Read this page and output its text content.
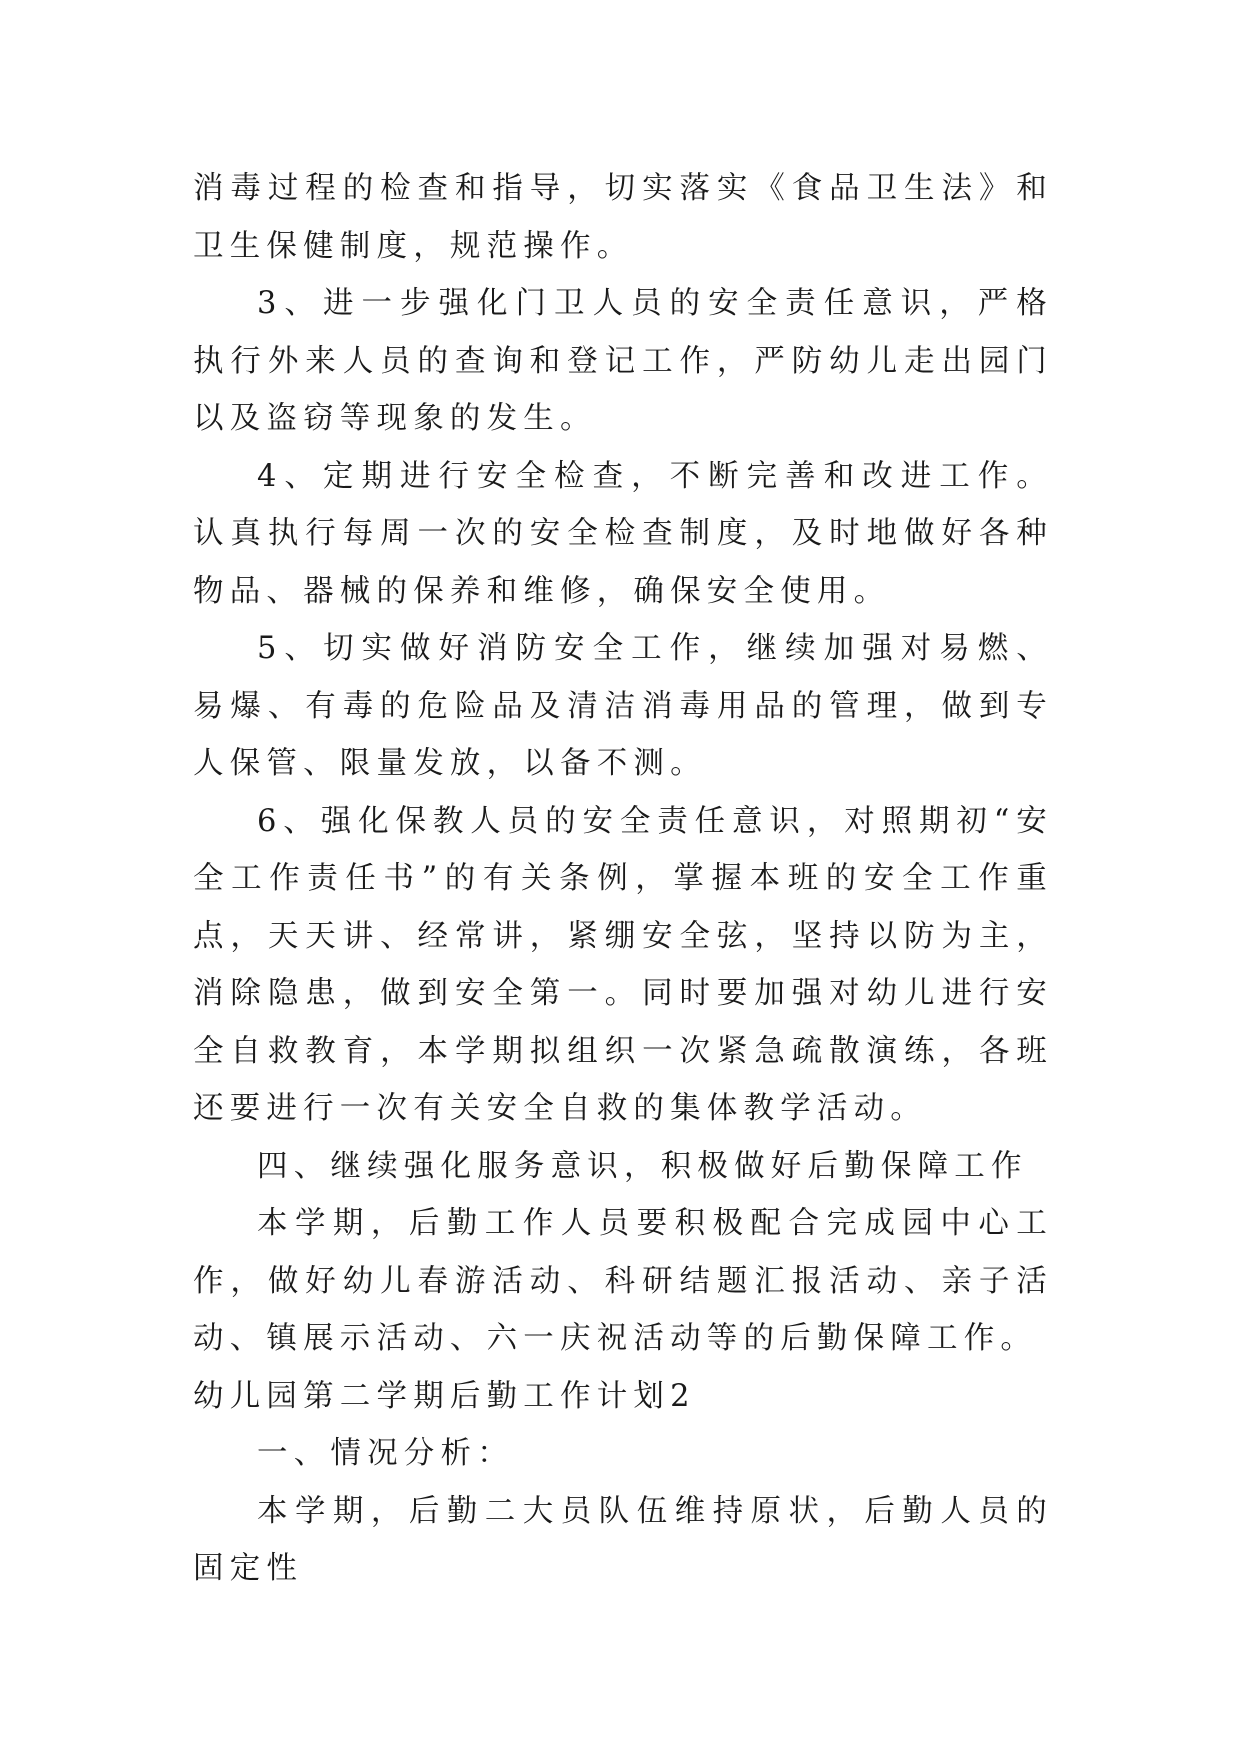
消毒过程的检查和指导，切实落实《食品卫生法》和卫生保健制度，规范操作。

3、进一步强化门卫人员的安全责任意识，严格执行外来人员的查询和登记工作，严防幼儿走出园门以及盗窃等现象的发生。

4、定期进行安全检查，不断完善和改进工作。认真执行每周一次的安全检查制度，及时地做好各种物品、器械的保养和维修，确保安全使用。

5、切实做好消防安全工作，继续加强对易燃、易爆、有毒的危险品及清洁消毒用品的管理，做到专人保管、限量发放，以备不测。

6、强化保教人员的安全责任意识，对照期初“安全工作责任书”的有关条例，掌握本班的安全工作重点，天天讲、经常讲，紧绷安全弦，坚持以防为主，消除隐患，做到安全第一。同时要加强对幼儿进行安全自救教育，本学期拟组织一次紧急疏散演练，各班还要进行一次有关安全自救的集体教学活动。

四、继续强化服务意识，积极做好后勤保障工作

本学期，后勤工作人员要积极配合完成园中心工作，做好幼儿春游活动、科研结题汇报活动、亲子活动、镇展示活动、六一庆祝活动等的后勤保障工作。

幼儿园第二学期后勤工作计划2

一、情况分析：

本学期，后勤二大员队伍维持原状，后勤人员的固定性
